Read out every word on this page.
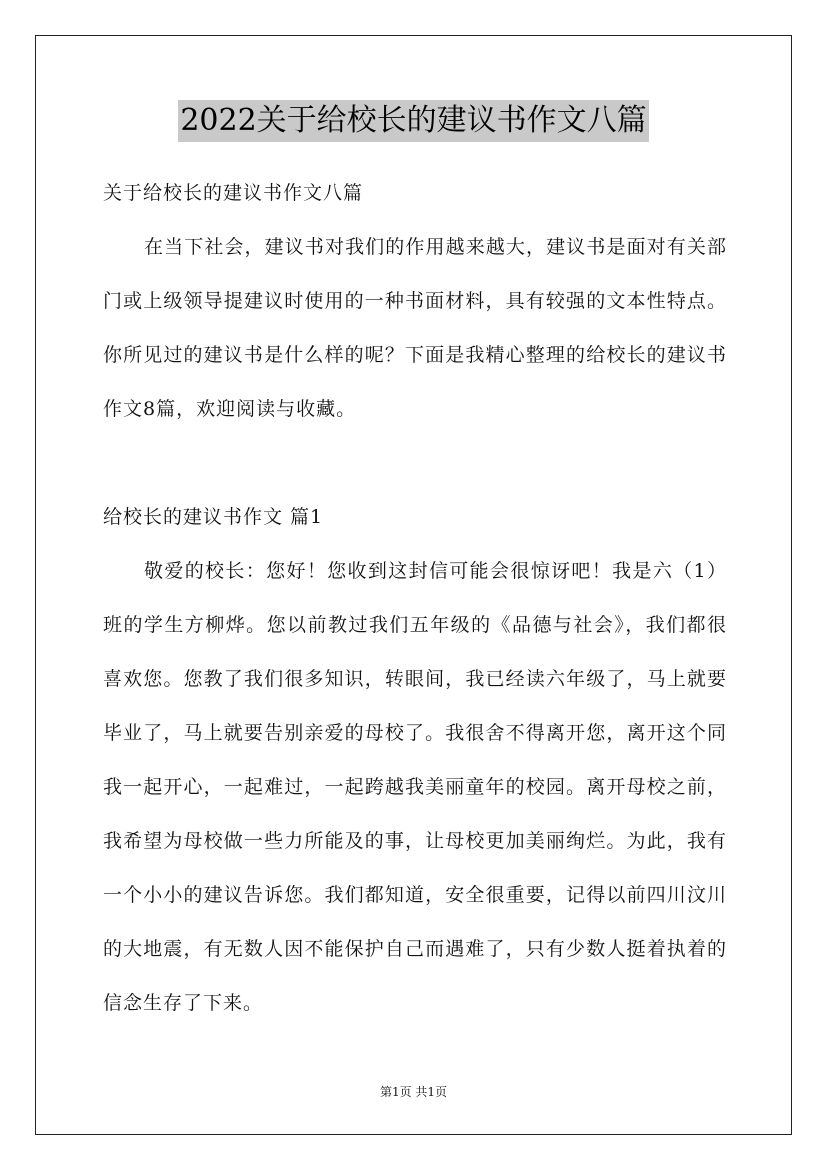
2022关于给校长的建议书作文八篇
关于给校长的建议书作文八篇

在当下社会，建议书对我们的作用越来越大，建议书是面对有关部门或上级领导提建议时使用的一种书面材料，具有较强的文本性特点。你所见过的建议书是什么样的呢？下面是我精心整理的给校长的建议书作文8篇，欢迎阅读与收藏。

给校长的建议书作文 篇1

敬爱的校长：您好！您收到这封信可能会很惊讶吧！我是六（1）班的学生方柳烨。您以前教过我们五年级的《品德与社会》，我们都很喜欢您。您教了我们很多知识，转眼间，我已经读六年级了，马上就要毕业了，马上就要告别亲爱的母校了。我很舍不得离开您，离开这个同我一起开心，一起难过，一起跨越我美丽童年的校园。离开母校之前，我希望为母校做一些力所能及的事，让母校更加美丽绚烂。为此，我有一个小小的建议告诉您。我们都知道，安全很重要，记得以前四川汶川的大地震，有无数人因不能保护自己而遇难了，只有少数人挺着执着的信念生存了下来。

第1页 共1页
